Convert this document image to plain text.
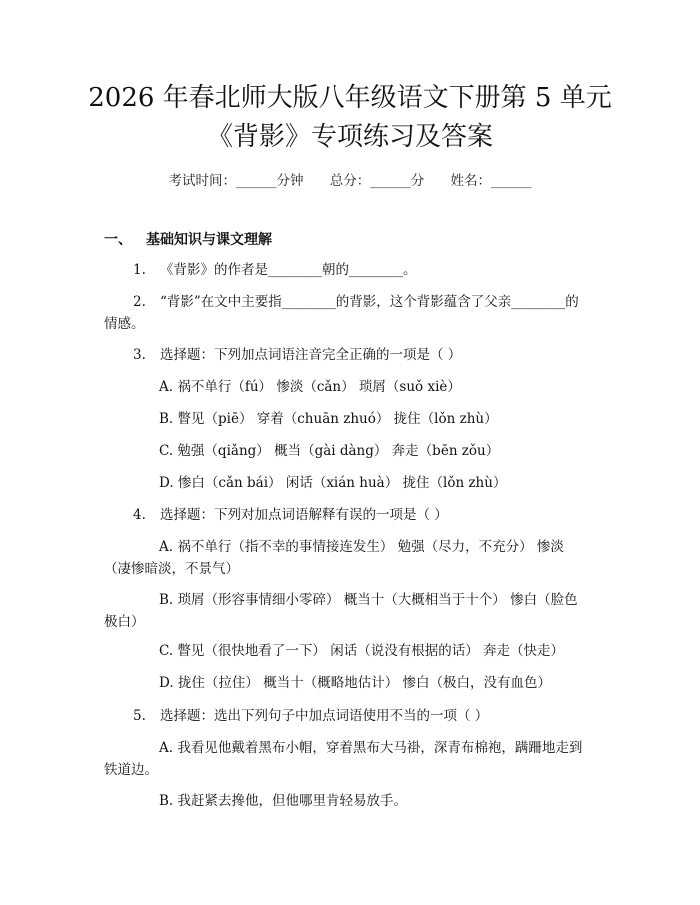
2026 年春北师大版八年级语文下册第 5 单元
《背影》专项练习及答案
考试时间：______分钟 总分：______分 姓名：______
一、 基础知识与课文理解
1. 《背影》的作者是________朝的________。
2. “背影”在文中主要指________的背影，这个背影蕴含了父亲________的
情感。
3. 选择题：下列加点词语注音完全正确的一项是（ ）
A. 祸不单行（fú） 惨淡（cǎn） 琐屑（suǒ xiè）
B. 瞥见（piē） 穿着（chuān zhuó） 拢住（lǒn zhù）
C. 勉强（qiǎng） 概当（gài dàng） 奔走（bēn zǒu）
D. 惨白（cǎn bái） 闲话（xián huà） 拢住（lǒn zhù）
4. 选择题：下列对加点词语解释有误的一项是（ ）
A. 祸不单行（指不幸的事情接连发生） 勉强（尽力，不充分） 惨淡
（凄惨暗淡，不景气）
B. 琐屑（形容事情细小零碎） 概当十（大概相当于十个） 惨白（脸色
极白）
C. 瞥见（很快地看了一下） 闲话（说没有根据的话） 奔走（快走）
D. 拢住（拉住） 概当十（概略地估计） 惨白（极白，没有血色）
5. 选择题：选出下列句子中加点词语使用不当的一项（ ）
A. 我看见他戴着黑布小帽，穿着黑布大马褂，深青布棉袍，蹒跚地走到
铁道边。
B. 我赶紧去搀他，但他哪里肯轻易放手。
